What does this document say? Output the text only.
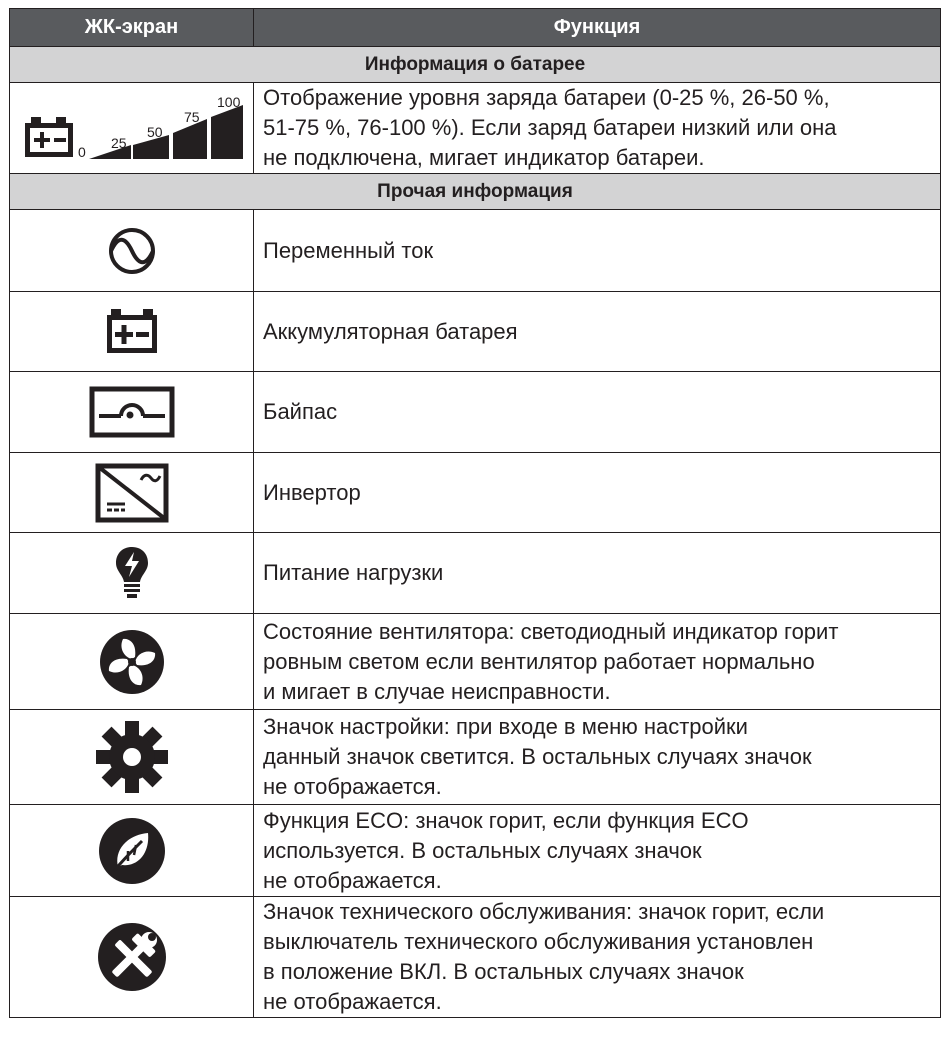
ЖК-экран	Функция
Информация о батарее	

0
25
50
75
100	Отображение уровня заряда батареи (0-25 %, 26-50 %,
51-75 %, 76-100 %). Если заряд батареи низкий или она
не подключена, мигает индикатор батареи.

Прочая информация	

Переменный ток

Аккумуляторная батарея

Байпас

Инвертор

Питание нагрузки

Состояние вентилятора: светодиодный индикатор горит
ровным светом если вентилятор работает нормально
и мигает в случае неисправности.

Значок настройки: при входе в меню настройки
данный значок светится. В остальных случаях значок
не отображается.

Функция ECO: значок горит, если функция ECO
используется. В остальных случаях значок
не отображается.

Значок технического обслуживания: значок горит, если
выключатель технического обслуживания установлен
в положение ВКЛ. В остальных случаях значок
не отображается.
